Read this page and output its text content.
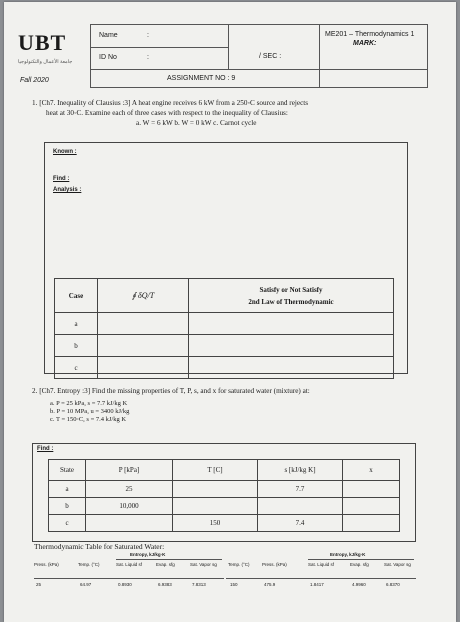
UBT
جامعة الأعمال والتكنولوجيا
Fall 2020
Name	:
ID No	:	/ SEC :
ME201 – Thermodynamics 1
MARK:
ASSIGNMENT NO : 9
1. [Ch7. Inequality of Clausius :3] A heat engine receives 6 kW from a 250◦C source and rejects
heat at 30◦C. Examine each of three cases with respect to the inequality of Clausius:
a. W = 6 kW b. W = 0 kW c. Carnot cycle
Known :
Find :
Analysis :
Case	∮ δQ/T	Satisfy or Not Satisfy
2nd Law of Thermodynamic

a		
b		
c		
2. [Ch7. Entropy :3] Find the missing properties of T, P, s, and x for saturated water (mixture) at:
a. P = 25 kPa, s = 7.7 kJ/kg K
b. P = 10 MPa, u = 3400 kJ/kg
c. T = 150◦C, s = 7.4 kJ/kg K
Find :
State	P [kPa]	T [C]	s [kJ/kg K]	x
a	25		7.7	
b	10,000			
c		150	7.4	
Thermodynamic Table for Saturated Water:
Entropy, kJ/kg·K
Press. (kPa)	Temp. (°C)	Sat. Liquid sf	Evap. sfg	Sat. Vapor sg
25	64.97	0.8930	6.9383	7.8313
Entropy, kJ/kg·K
Temp. (°C)	Press. (kPa)	Sat. Liquid sf	Evap. sfg	Sat. Vapor sg
150	475.9	1.8417	4.9960	6.8370
